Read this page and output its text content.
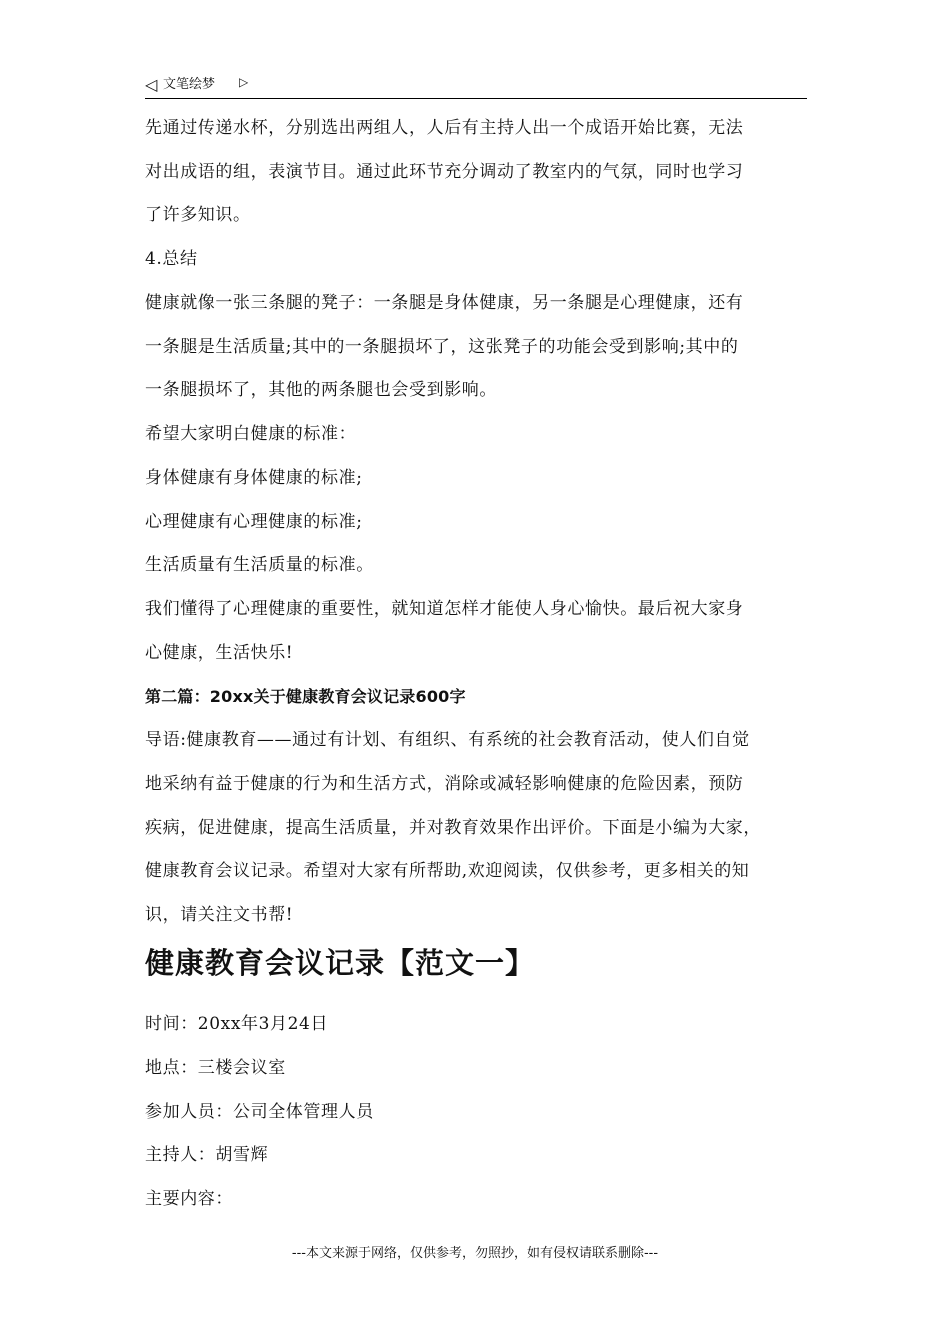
◁ 文笔绘梦 ▷
先通过传递水杯，分别选出两组人，人后有主持人出一个成语开始比赛，无法
对出成语的组，表演节目。通过此环节充分调动了教室内的气氛，同时也学习
了许多知识。
4.总结
健康就像一张三条腿的凳子：一条腿是身体健康，另一条腿是心理健康，还有
一条腿是生活质量;其中的一条腿损坏了，这张凳子的功能会受到影响;其中的
一条腿损坏了，其他的两条腿也会受到影响。
希望大家明白健康的标准：
身体健康有身体健康的标准;
心理健康有心理健康的标准;
生活质量有生活质量的标准。
我们懂得了心理健康的重要性，就知道怎样才能使人身心愉快。最后祝大家身
心健康，生活快乐!
第二篇：20xx关于健康教育会议记录600字
导语:健康教育——通过有计划、有组织、有系统的社会教育活动，使人们自觉
地采纳有益于健康的行为和生活方式，消除或减轻影响健康的危险因素，预防
疾病，促进健康，提高生活质量，并对教育效果作出评价。下面是小编为大家，
健康教育会议记录。希望对大家有所帮助,欢迎阅读，仅供参考，更多相关的知
识，请关注文书帮!
健康教育会议记录【范文一】
时间：20xx年3月24日
地点：三楼会议室
参加人员：公司全体管理人员
主持人：胡雪辉
主要内容：
---本文来源于网络，仅供参考，勿照抄，如有侵权请联系删除---
